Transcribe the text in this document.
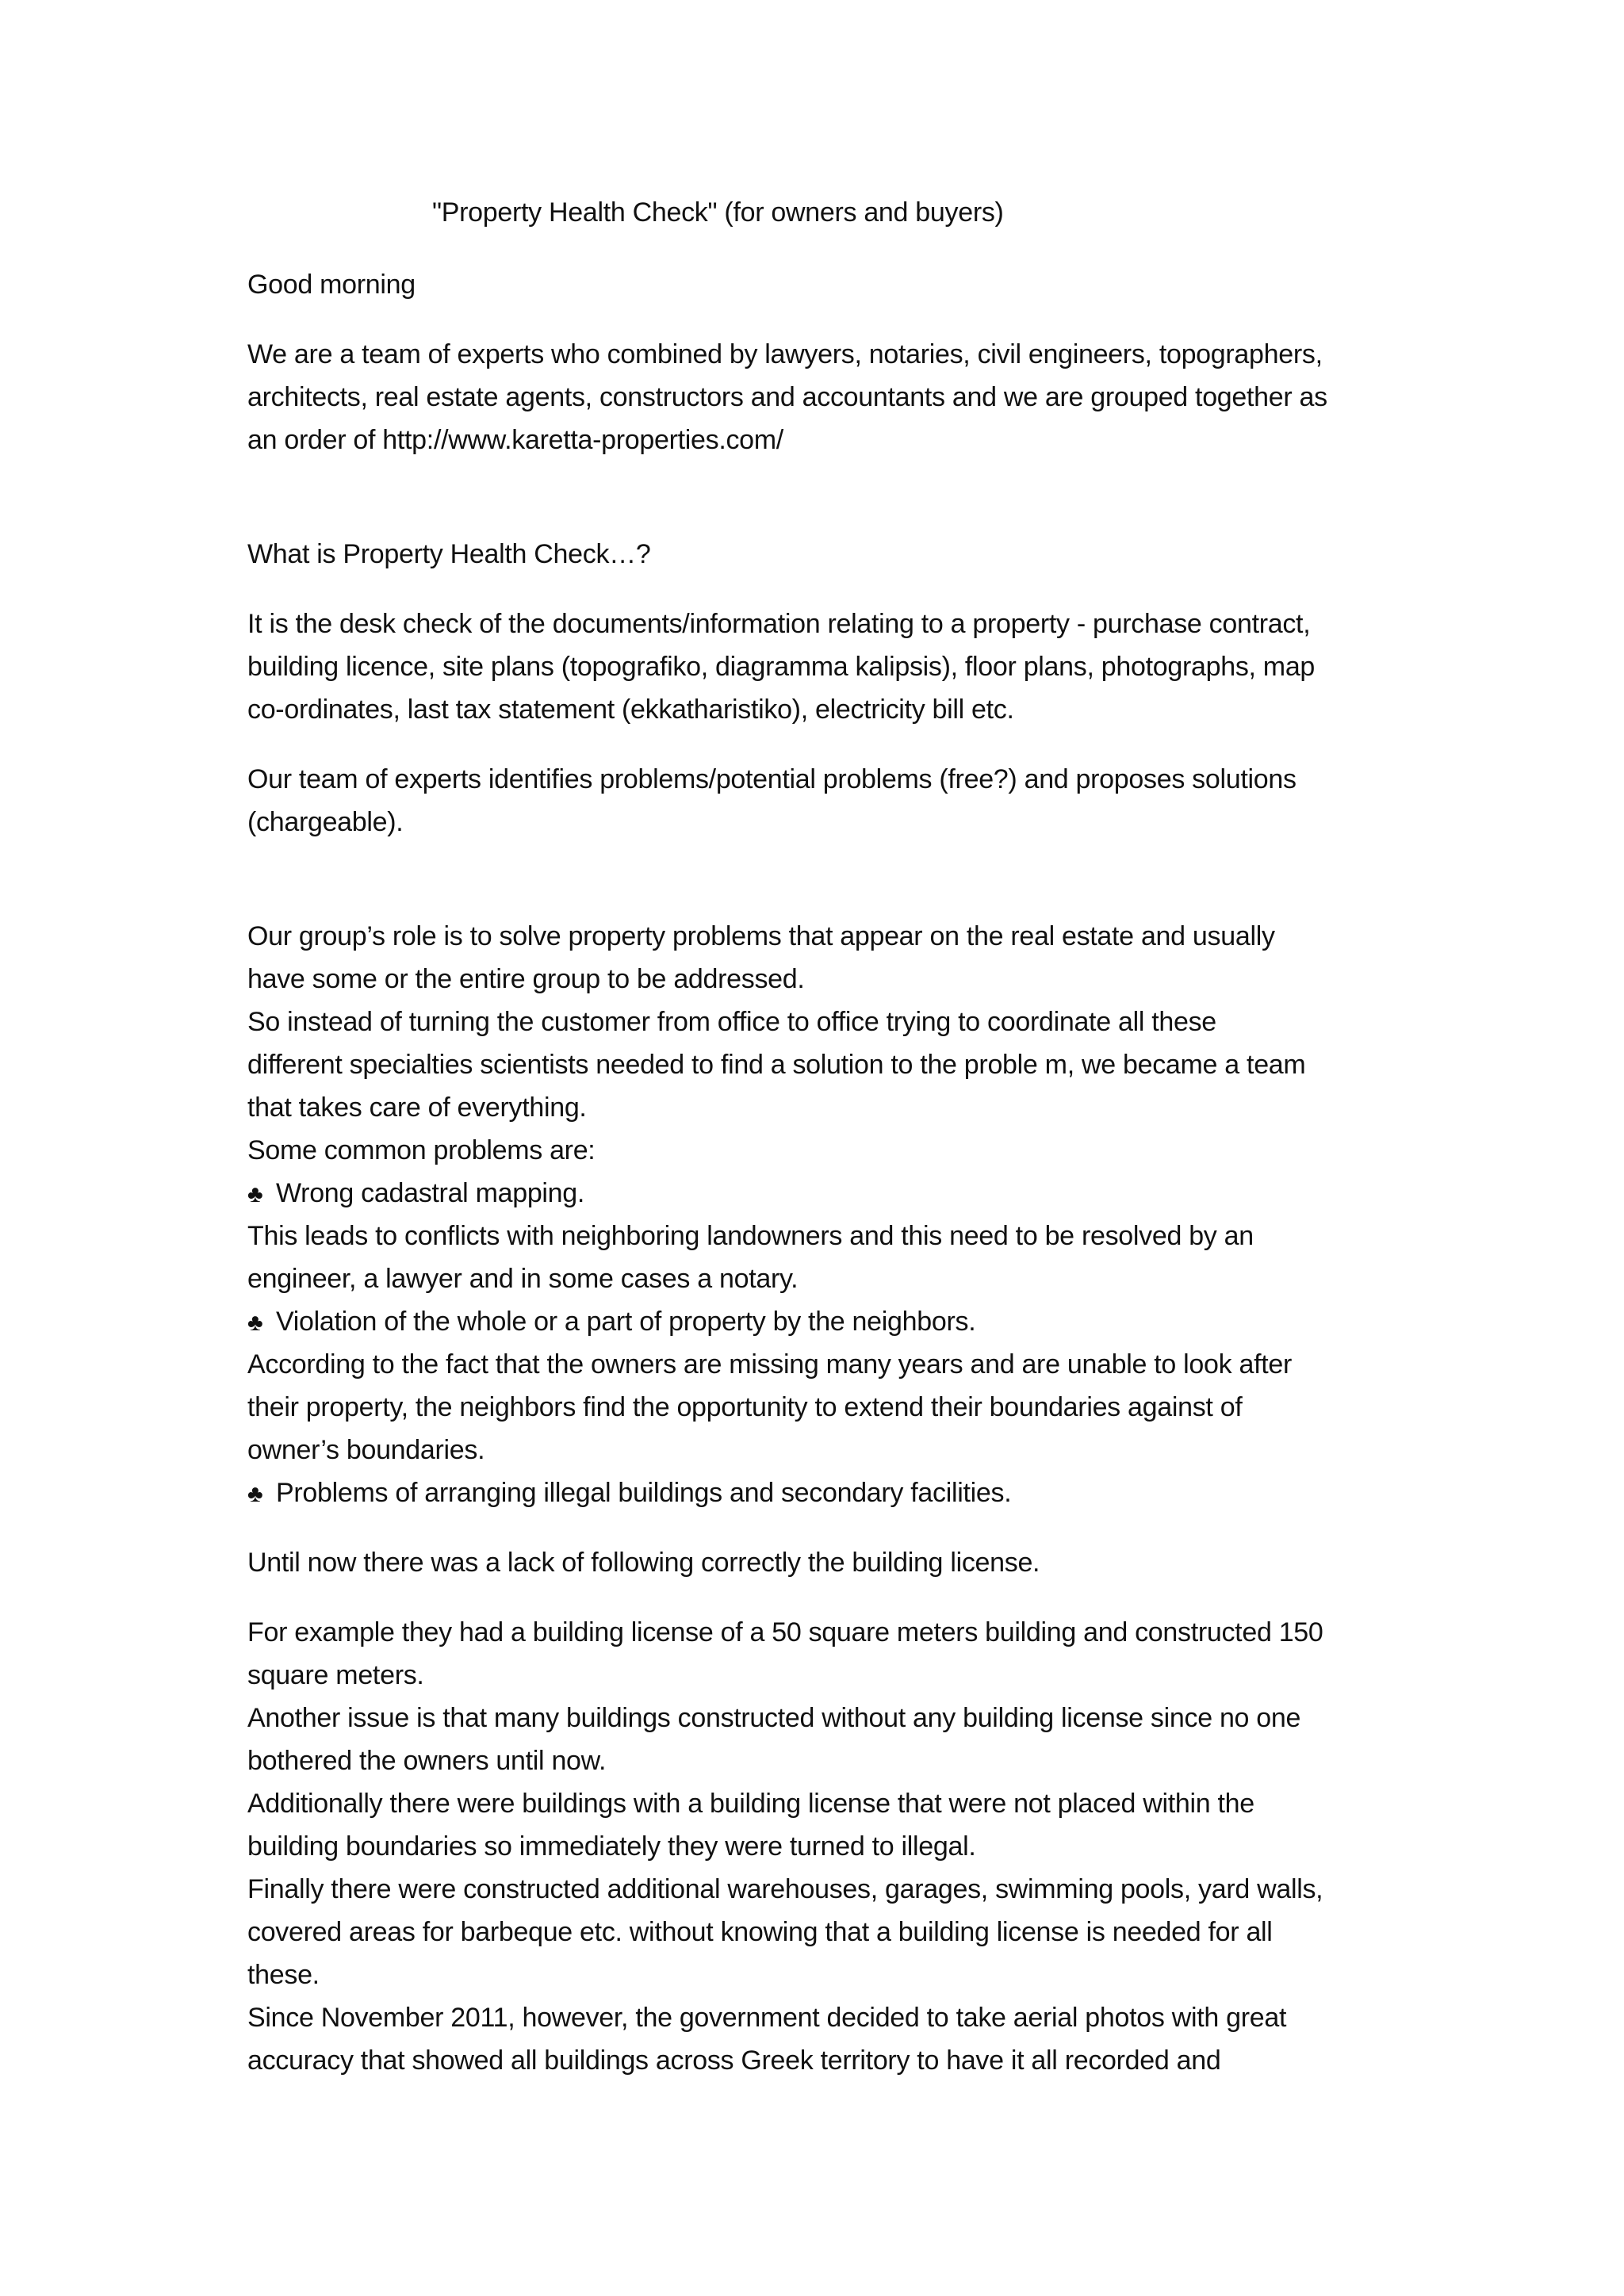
"Property Health Check" (for owners and buyers)
Good morning
We are a team of experts who combined by lawyers, notaries, civil engineers, topographers,
architects, real estate agents, constructors and accountants and we are grouped together as
an order of http://www.karetta-properties.com/
What is Property Health Check…?
It is the desk check of the documents/information relating to a property - purchase contract,
building licence, site plans (topografiko, diagramma kalipsis), floor plans, photographs, map
co-ordinates, last tax statement (ekkatharistiko), electricity bill etc.
Our team of experts identifies problems/potential problems (free?) and proposes solutions
(chargeable).
Our group’s role is to solve property problems that appear on the real estate and usually
have some or the entire group to be addressed.
So instead of turning the customer from office to office trying to coordinate all these
different specialties scientists needed to find a solution to the proble m, we became a team
that takes care of everything.
Some common problems are:
♣ Wrong cadastral mapping.
This leads to conflicts with neighboring landowners and this need to be resolved by an
engineer, a lawyer and in some cases a notary.
♣ Violation of the whole or a part of property by the neighbors.
According to the fact that the owners are missing many years and are unable to look after
their property, the neighbors find the opportunity to extend their boundaries against of
owner’s boundaries.
♣ Problems of arranging illegal buildings and secondary facilities.
Until now there was a lack of following correctly the building license.
For example they had a building license of a 50 square meters building and constructed 150
square meters.
Another issue is that many buildings constructed without any building license since no one
bothered the owners until now.
Additionally there were buildings with a building license that were not placed within the
building boundaries so immediately they were turned to illegal.
Finally there were constructed additional warehouses, garages, swimming pools, yard walls,
covered areas for barbeque etc. without knowing that a building license is needed for all
these.
Since November 2011, however, the government decided to take aerial photos with great
accuracy that showed all buildings across Greek territory to have it all recorded and
